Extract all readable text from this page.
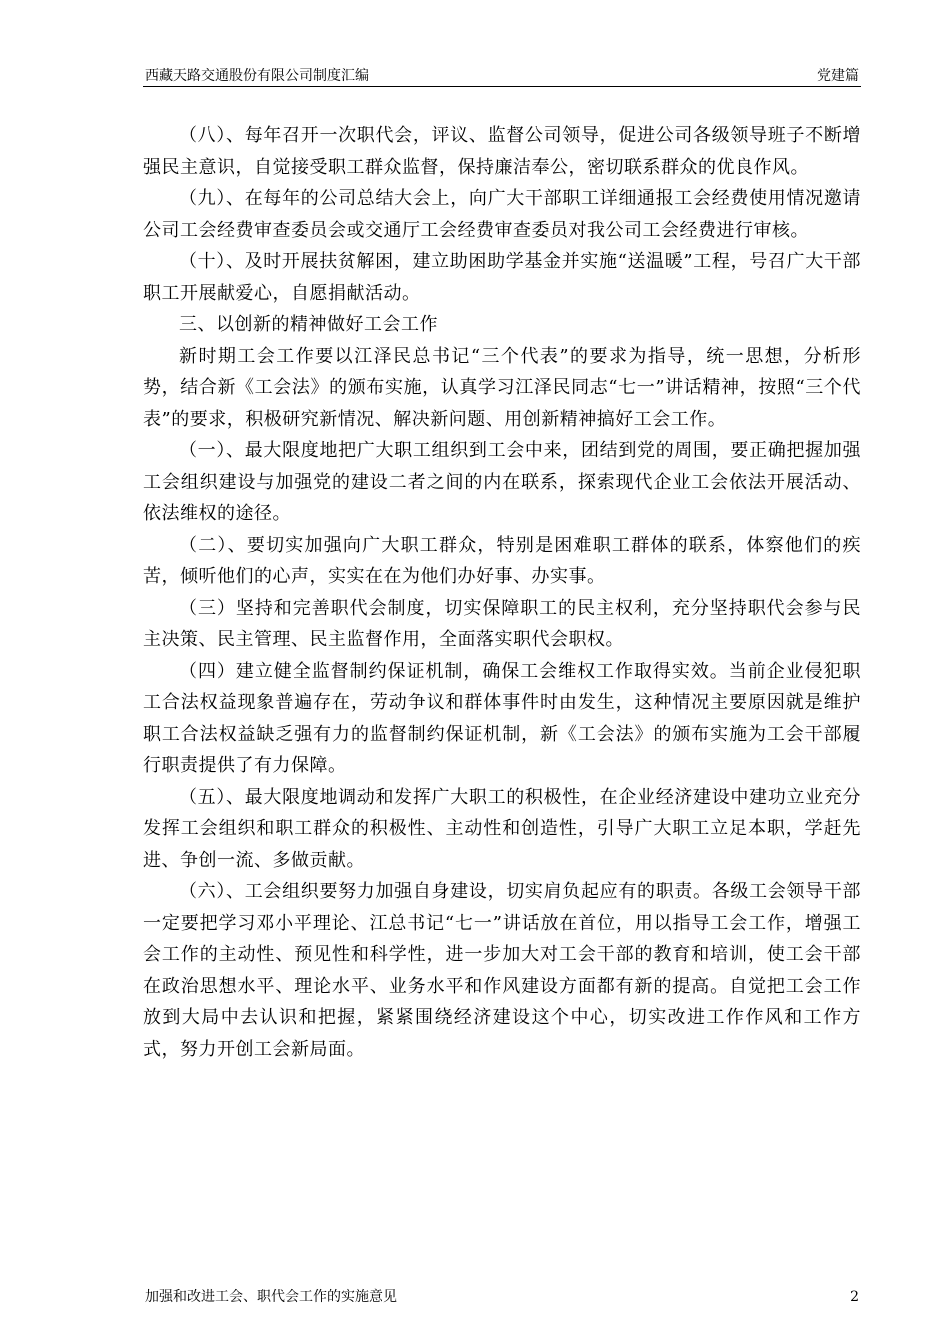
西藏天路交通股份有限公司制度汇编	党建篇

（八）、每年召开一次职代会，评议、监督公司领导，促进公司各级领导班子不断增强民主意识，自觉接受职工群众监督，保持廉洁奉公，密切联系群众的优良作风。

（九）、在每年的公司总结大会上，向广大干部职工详细通报工会经费使用情况邀请公司工会经费审查委员会或交通厅工会经费审查委员对我公司工会经费进行审核。

（十）、及时开展扶贫解困，建立助困助学基金并实施“送温暖”工程，号召广大干部职工开展献爱心，自愿捐献活动。

三、以创新的精神做好工会工作

新时期工会工作要以江泽民总书记“三个代表”的要求为指导，统一思想，分析形势，结合新《工会法》的颁布实施，认真学习江泽民同志“七一”讲话精神，按照“三个代表”的要求，积极研究新情况、解决新问题、用创新精神搞好工会工作。

（一）、最大限度地把广大职工组织到工会中来，团结到党的周围，要正确把握加强工会组织建设与加强党的建设二者之间的内在联系，探索现代企业工会依法开展活动、依法维权的途径。

（二）、要切实加强向广大职工群众，特别是困难职工群体的联系，体察他们的疾苦，倾听他们的心声，实实在在为他们办好事、办实事。

（三）坚持和完善职代会制度，切实保障职工的民主权利，充分坚持职代会参与民主决策、民主管理、民主监督作用，全面落实职代会职权。

（四）建立健全监督制约保证机制，确保工会维权工作取得实效。当前企业侵犯职工合法权益现象普遍存在，劳动争议和群体事件时由发生，这种情况主要原因就是维护职工合法权益缺乏强有力的监督制约保证机制，新《工会法》的颁布实施为工会干部履行职责提供了有力保障。

（五）、最大限度地调动和发挥广大职工的积极性，在企业经济建设中建功立业充分发挥工会组织和职工群众的积极性、主动性和创造性，引导广大职工立足本职，学赶先进、争创一流、多做贡献。

（六）、工会组织要努力加强自身建设，切实肩负起应有的职责。各级工会领导干部一定要把学习邓小平理论、江总书记“七一”讲话放在首位，用以指导工会工作，增强工会工作的主动性、预见性和科学性，进一步加大对工会干部的教育和培训，使工会干部在政治思想水平、理论水平、业务水平和作风建设方面都有新的提高。自觉把工会工作放到大局中去认识和把握，紧紧围绕经济建设这个中心，切实改进工作作风和工作方式，努力开创工会新局面。

加强和改进工会、职代会工作的实施意见	2
